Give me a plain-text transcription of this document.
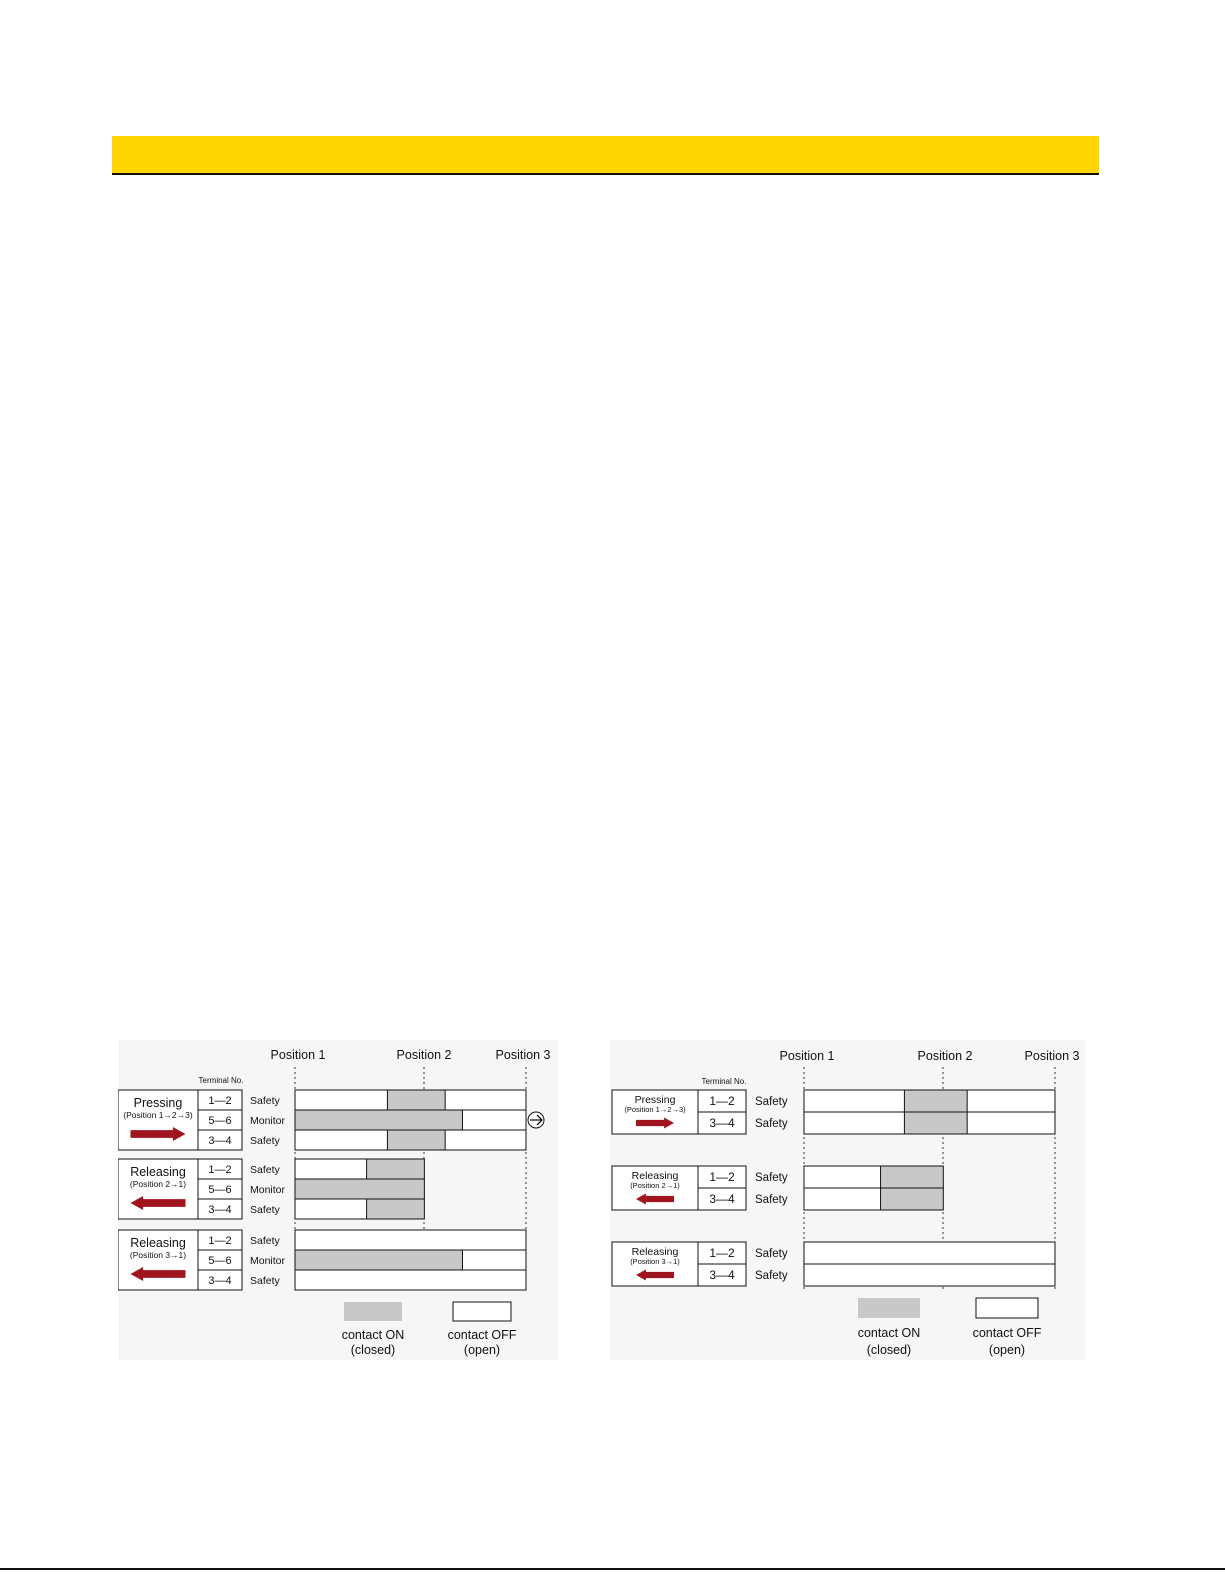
Position 1	Position 2	Position 3
Terminal No.
Pressing
(Position 1→2→3)
1—2 Safety
5—6 Monitor
3—4 Safety
Releasing
(Position 2→1)
1—2 Safety
5—6 Monitor
3—4 Safety
Releasing
(Position 3→1)
1—2 Safety
5—6 Monitor
3—4 Safety
contact ON
(closed)
contact OFF
(open)
Position 1	Position 2	Position 3
Terminal No.
Pressing
(Position 1→2→3)
1—2 Safety
3—4 Safety
Releasing
(Position 2→1)
1—2 Safety
3—4 Safety
Releasing
(Position 3→1)
1—2 Safety
3—4 Safety
contact ON
(closed)
contact OFF
(open)
